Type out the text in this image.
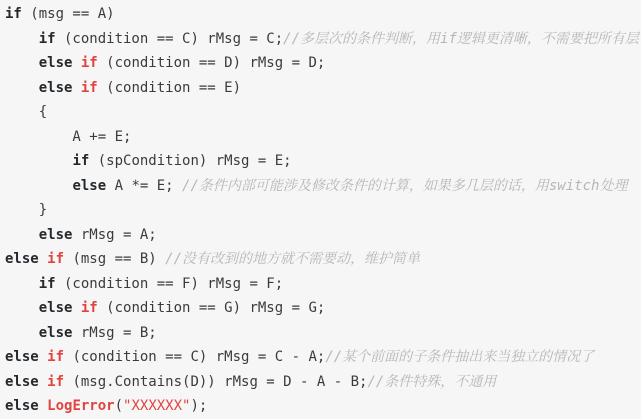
if (msg == A)
if (condition == C) rMsg = C;//多层次的条件判断，用if逻辑更清晰，不需要把所有层
else if (condition == D) rMsg = D;
else if (condition == E)
{
A += E;
if (spCondition) rMsg = E;
else A *= E; //条件内部可能涉及修改条件的计算，如果多几层的话，用switch处理
}
else rMsg = A;
else if (msg == B) //没有改到的地方就不需要动，维护简单
if (condition == F) rMsg = F;
else if (condition == G) rMsg = G;
else rMsg = B;
else if (condition == C) rMsg = C - A;//某个前面的子条件抽出来当独立的情况了
else if (msg.Contains(D)) rMsg = D - A - B;//条件特殊，不通用
else LogError("XXXXXX");
